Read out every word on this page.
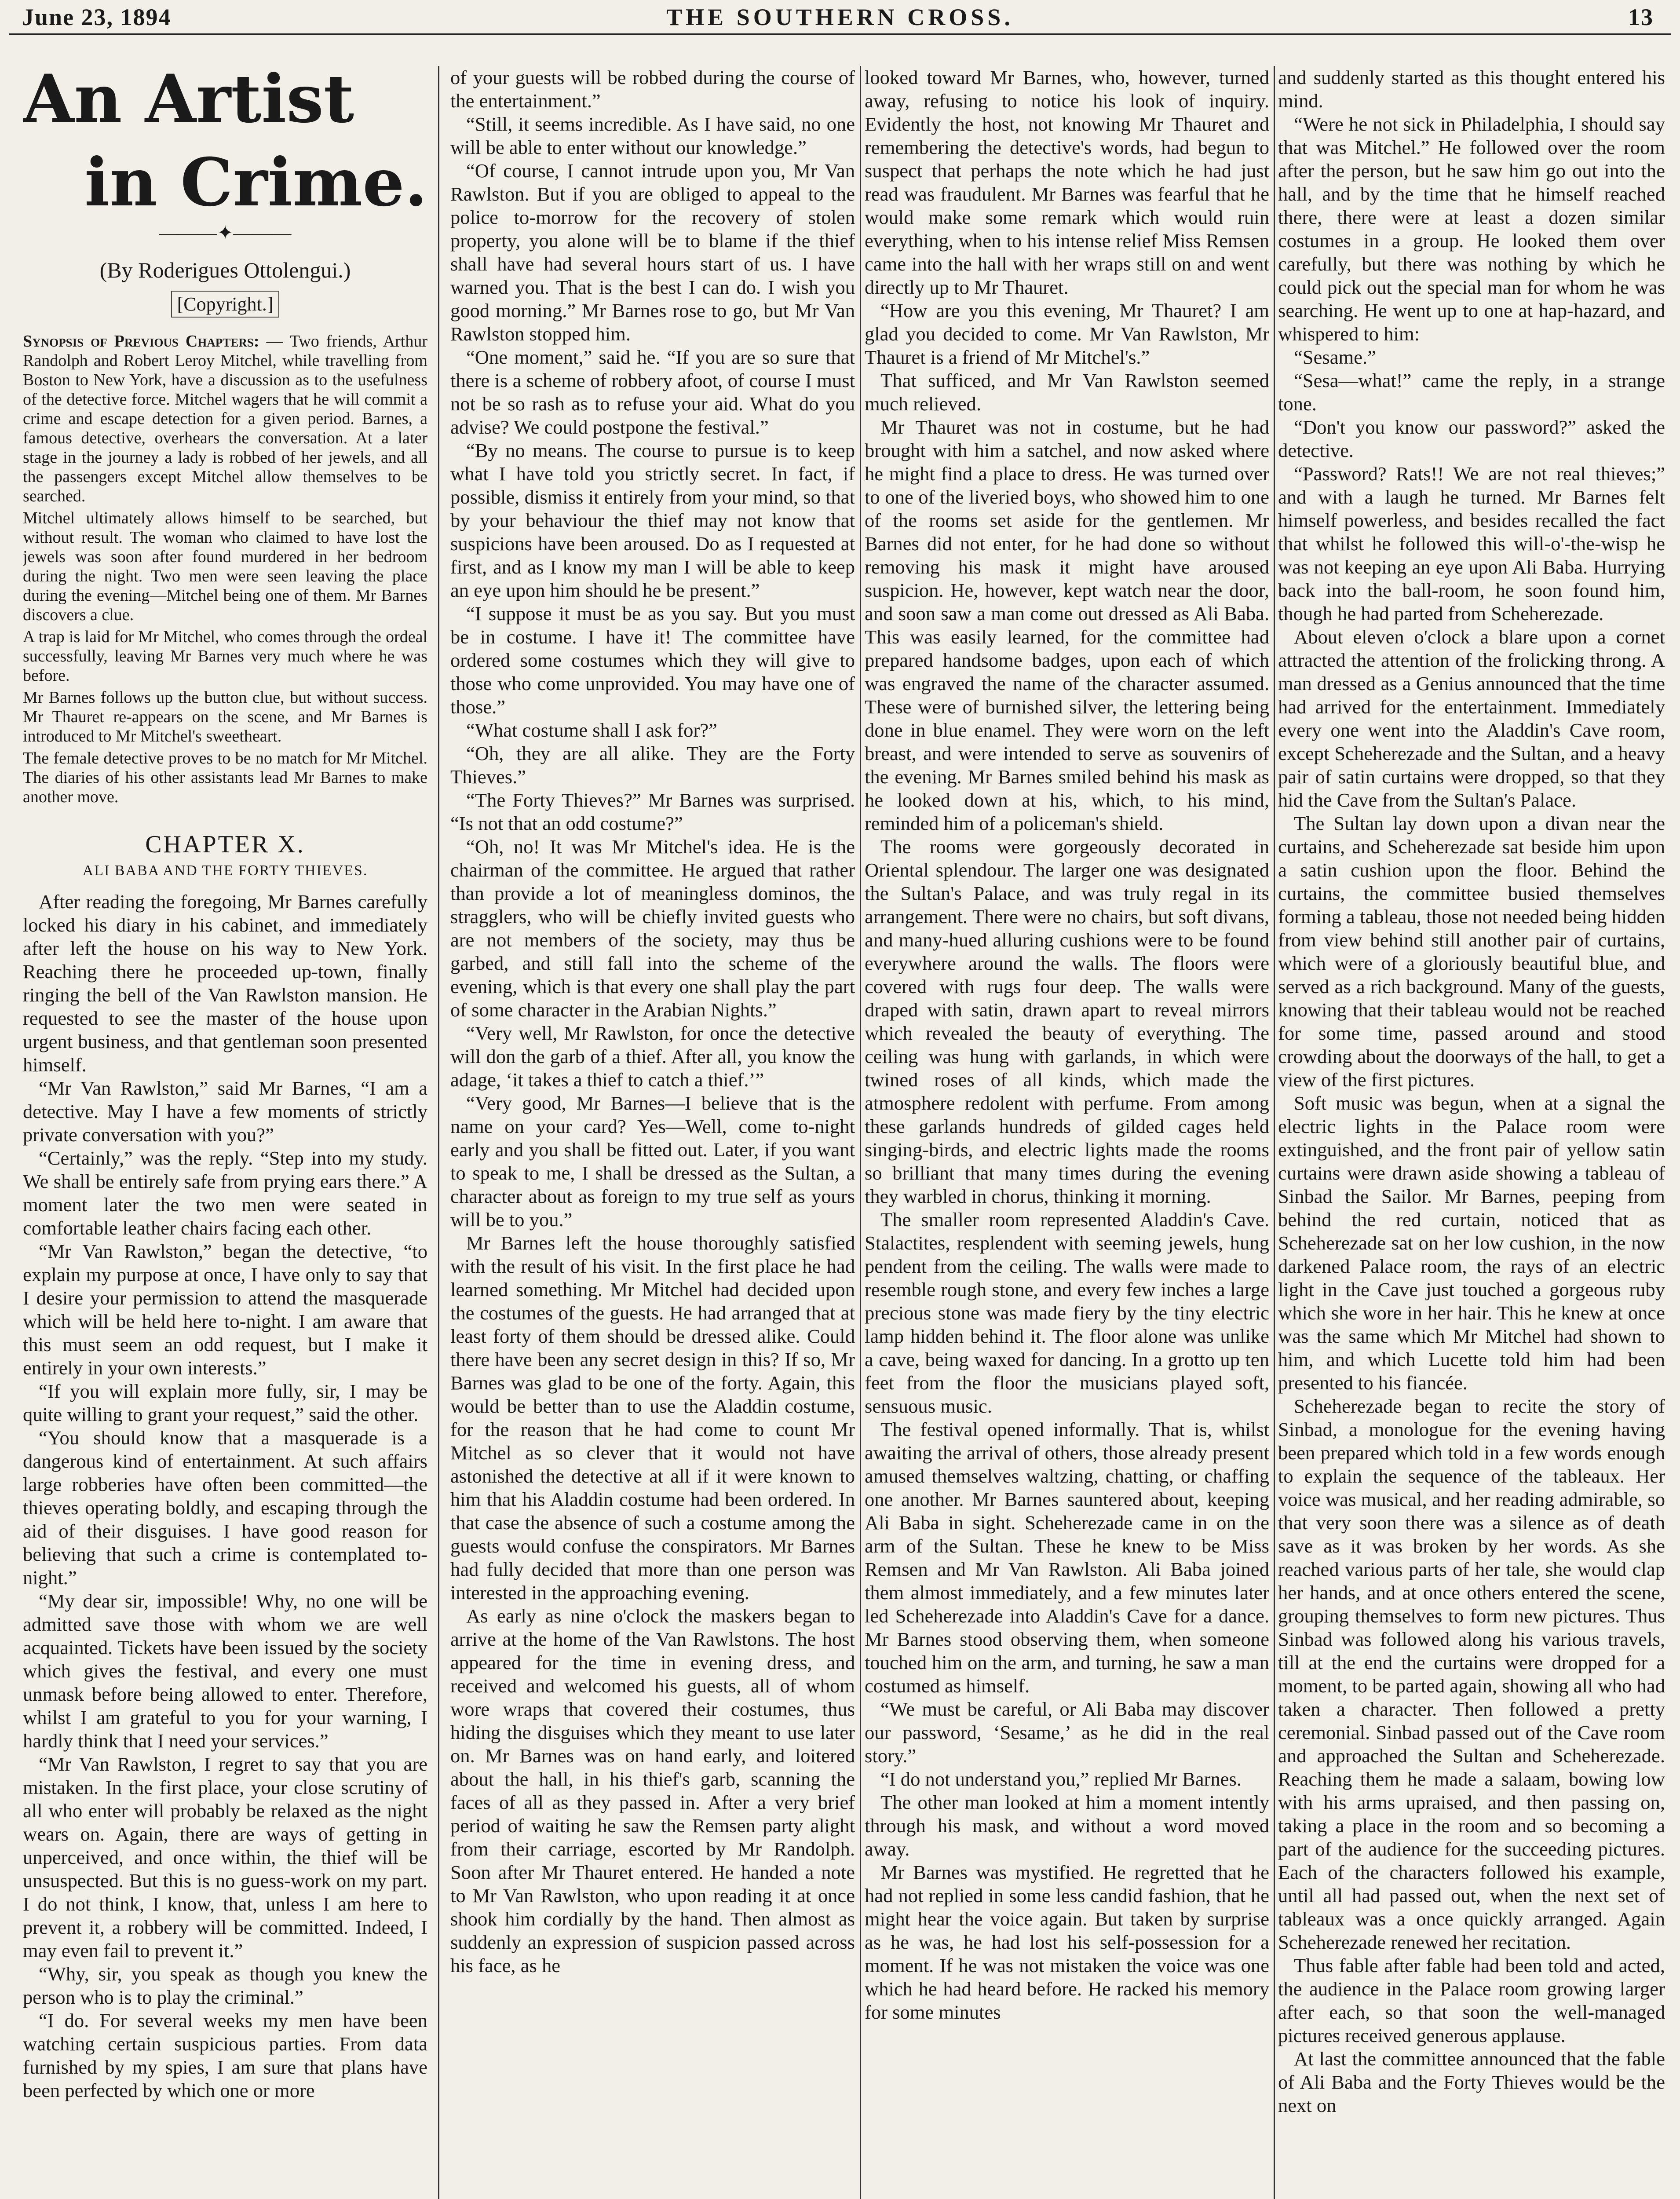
June 23, 1894	THE SOUTHERN CROSS.	13
An Artist
in Crime.
———✦———
(By Roderigues Ottolengui.)
[Copyright.]

Synopsis of Previous Chapters: — Two friends, Arthur Randolph and Robert Leroy Mitchel, while travelling from Boston to New York, have a discussion as to the usefulness of the detective force. Mitchel wagers that he will commit a crime and escape detection for a given period. Barnes, a famous detective, overhears the conversation. At a later stage in the journey a lady is robbed of her jewels, and all the passengers except Mitchel allow themselves to be searched.

Mitchel ultimately allows himself to be searched, but without result. The woman who claimed to have lost the jewels was soon after found murdered in her bedroom during the night. Two men were seen leaving the place during the evening—Mitchel being one of them. Mr Barnes discovers a clue.

A trap is laid for Mr Mitchel, who comes through the ordeal successfully, leaving Mr Barnes very much where he was before.

Mr Barnes follows up the button clue, but without success. Mr Thauret re-appears on the scene, and Mr Barnes is introduced to Mr Mitchel's sweetheart.

The female detective proves to be no match for Mr Mitchel. The diaries of his other assistants lead Mr Barnes to make another move.

CHAPTER X.
ALI BABA AND THE FORTY THIEVES.

After reading the foregoing, Mr Barnes carefully locked his diary in his cabinet, and immediately after left the house on his way to New York. Reaching there he proceeded up-town, finally ringing the bell of the Van Rawlston mansion. He requested to see the master of the house upon urgent business, and that gentleman soon presented himself.

“Mr Van Rawlston,” said Mr Barnes, “I am a detective. May I have a few moments of strictly private conversation with you?”

“Certainly,” was the reply. “Step into my study. We shall be entirely safe from prying ears there.” A moment later the two men were seated in comfortable leather chairs facing each other.

“Mr Van Rawlston,” began the detective, “to explain my purpose at once, I have only to say that I desire your permission to attend the masquerade which will be held here to-night. I am aware that this must seem an odd request, but I make it entirely in your own interests.”

“If you will explain more fully, sir, I may be quite willing to grant your request,” said the other.

“You should know that a masquerade is a dangerous kind of entertainment. At such affairs large robberies have often been committed—the thieves operating boldly, and escaping through the aid of their disguises. I have good reason for believing that such a crime is contemplated to-night.”

“My dear sir, impossible! Why, no one will be admitted save those with whom we are well acquainted. Tickets have been issued by the society which gives the festival, and every one must unmask before being allowed to enter. Therefore, whilst I am grateful to you for your warning, I hardly think that I need your services.”

“Mr Van Rawlston, I regret to say that you are mistaken. In the first place, your close scrutiny of all who enter will probably be relaxed as the night wears on. Again, there are ways of getting in unperceived, and once within, the thief will be unsuspected. But this is no guess-work on my part. I do not think, I know, that, unless I am here to prevent it, a robbery will be committed. Indeed, I may even fail to prevent it.”

“Why, sir, you speak as though you knew the person who is to play the criminal.”

“I do. For several weeks my men have been watching certain suspicious parties. From data furnished by my spies, I am sure that plans have been perfected by which one or more

of your guests will be robbed during the course of the entertainment.”

“Still, it seems incredible. As I have said, no one will be able to enter without our knowledge.”

“Of course, I cannot intrude upon you, Mr Van Rawlston. But if you are obliged to appeal to the police to-morrow for the recovery of stolen property, you alone will be to blame if the thief shall have had several hours start of us. I have warned you. That is the best I can do. I wish you good morning.” Mr Barnes rose to go, but Mr Van Rawlston stopped him.

“One moment,” said he. “If you are so sure that there is a scheme of robbery afoot, of course I must not be so rash as to refuse your aid. What do you advise? We could postpone the festival.”

“By no means. The course to pursue is to keep what I have told you strictly secret. In fact, if possible, dismiss it entirely from your mind, so that by your behaviour the thief may not know that suspicions have been aroused. Do as I requested at first, and as I know my man I will be able to keep an eye upon him should he be present.”

“I suppose it must be as you say. But you must be in costume. I have it! The committee have ordered some costumes which they will give to those who come unprovided. You may have one of those.”

“What costume shall I ask for?”

“Oh, they are all alike. They are the Forty Thieves.”

“The Forty Thieves?” Mr Barnes was surprised. “Is not that an odd costume?”

“Oh, no! It was Mr Mitchel's idea. He is the chairman of the committee. He argued that rather than provide a lot of meaningless dominos, the stragglers, who will be chiefly invited guests who are not members of the society, may thus be garbed, and still fall into the scheme of the evening, which is that every one shall play the part of some character in the Arabian Nights.”

“Very well, Mr Rawlston, for once the detective will don the garb of a thief. After all, you know the adage, ‘it takes a thief to catch a thief.’”

“Very good, Mr Barnes—I believe that is the name on your card? Yes—Well, come to-night early and you shall be fitted out. Later, if you want to speak to me, I shall be dressed as the Sultan, a character about as foreign to my true self as yours will be to you.”

Mr Barnes left the house thoroughly satisfied with the result of his visit. In the first place he had learned something. Mr Mitchel had decided upon the costumes of the guests. He had arranged that at least forty of them should be dressed alike. Could there have been any secret design in this? If so, Mr Barnes was glad to be one of the forty. Again, this would be better than to use the Aladdin costume, for the reason that he had come to count Mr Mitchel as so clever that it would not have astonished the detective at all if it were known to him that his Aladdin costume had been ordered. In that case the absence of such a costume among the guests would confuse the conspirators. Mr Barnes had fully decided that more than one person was interested in the approaching evening.

As early as nine o'clock the maskers began to arrive at the home of the Van Rawlstons. The host appeared for the time in evening dress, and received and welcomed his guests, all of whom wore wraps that covered their costumes, thus hiding the disguises which they meant to use later on. Mr Barnes was on hand early, and loitered about the hall, in his thief's garb, scanning the faces of all as they passed in. After a very brief period of waiting he saw the Remsen party alight from their carriage, escorted by Mr Randolph. Soon after Mr Thauret entered. He handed a note to Mr Van Rawlston, who upon reading it at once shook him cordially by the hand. Then almost as suddenly an expression of suspicion passed across his face, as he

looked toward Mr Barnes, who, however, turned away, refusing to notice his look of inquiry. Evidently the host, not knowing Mr Thauret and remembering the detective's words, had begun to suspect that perhaps the note which he had just read was fraudulent. Mr Barnes was fearful that he would make some remark which would ruin everything, when to his intense relief Miss Remsen came into the hall with her wraps still on and went directly up to Mr Thauret.

“How are you this evening, Mr Thauret? I am glad you decided to come. Mr Van Rawlston, Mr Thauret is a friend of Mr Mitchel's.”

That sufficed, and Mr Van Rawlston seemed much relieved.

Mr Thauret was not in costume, but he had brought with him a satchel, and now asked where he might find a place to dress. He was turned over to one of the liveried boys, who showed him to one of the rooms set aside for the gentlemen. Mr Barnes did not enter, for he had done so without removing his mask it might have aroused suspicion. He, however, kept watch near the door, and soon saw a man come out dressed as Ali Baba. This was easily learned, for the committee had prepared handsome badges, upon each of which was engraved the name of the character assumed. These were of burnished silver, the lettering being done in blue enamel. They were worn on the left breast, and were intended to serve as souvenirs of the evening. Mr Barnes smiled behind his mask as he looked down at his, which, to his mind, reminded him of a policeman's shield.

The rooms were gorgeously decorated in Oriental splendour. The larger one was designated the Sultan's Palace, and was truly regal in its arrangement. There were no chairs, but soft divans, and many-hued alluring cushions were to be found everywhere around the walls. The floors were covered with rugs four deep. The walls were draped with satin, drawn apart to reveal mirrors which revealed the beauty of everything. The ceiling was hung with garlands, in which were twined roses of all kinds, which made the atmosphere redolent with perfume. From among these garlands hundreds of gilded cages held singing-birds, and electric lights made the rooms so brilliant that many times during the evening they warbled in chorus, thinking it morning.

The smaller room represented Aladdin's Cave. Stalactites, resplendent with seeming jewels, hung pendent from the ceiling. The walls were made to resemble rough stone, and every few inches a large precious stone was made fiery by the tiny electric lamp hidden behind it. The floor alone was unlike a cave, being waxed for dancing. In a grotto up ten feet from the floor the musicians played soft, sensuous music.

The festival opened informally. That is, whilst awaiting the arrival of others, those already present amused themselves waltzing, chatting, or chaffing one another. Mr Barnes sauntered about, keeping Ali Baba in sight. Scheherezade came in on the arm of the Sultan. These he knew to be Miss Remsen and Mr Van Rawlston. Ali Baba joined them almost immediately, and a few minutes later led Scheherezade into Aladdin's Cave for a dance. Mr Barnes stood observing them, when someone touched him on the arm, and turning, he saw a man costumed as himself.

“We must be careful, or Ali Baba may discover our password, ‘Sesame,’ as he did in the real story.”

“I do not understand you,” replied Mr Barnes.

The other man looked at him a moment intently through his mask, and without a word moved away.

Mr Barnes was mystified. He regretted that he had not replied in some less candid fashion, that he might hear the voice again. But taken by surprise as he was, he had lost his self-possession for a moment. If he was not mistaken the voice was one which he had heard before. He racked his memory for some minutes

and suddenly started as this thought entered his mind.

“Were he not sick in Philadelphia, I should say that was Mitchel.” He followed over the room after the person, but he saw him go out into the hall, and by the time that he himself reached there, there were at least a dozen similar costumes in a group. He looked them over carefully, but there was nothing by which he could pick out the special man for whom he was searching. He went up to one at hap-hazard, and whispered to him:

“Sesame.”

“Sesa—what!” came the reply, in a strange tone.

“Don't you know our password?” asked the detective.

“Password? Rats!! We are not real thieves;” and with a laugh he turned. Mr Barnes felt himself powerless, and besides recalled the fact that whilst he followed this will-o'-the-wisp he was not keeping an eye upon Ali Baba. Hurrying back into the ball-room, he soon found him, though he had parted from Scheherezade.

About eleven o'clock a blare upon a cornet attracted the attention of the frolicking throng. A man dressed as a Genius announced that the time had arrived for the entertainment. Immediately every one went into the Aladdin's Cave room, except Scheherezade and the Sultan, and a heavy pair of satin curtains were dropped, so that they hid the Cave from the Sultan's Palace.

The Sultan lay down upon a divan near the curtains, and Scheherezade sat beside him upon a satin cushion upon the floor. Behind the curtains, the committee busied themselves forming a tableau, those not needed being hidden from view behind still another pair of curtains, which were of a gloriously beautiful blue, and served as a rich background. Many of the guests, knowing that their tableau would not be reached for some time, passed around and stood crowding about the doorways of the hall, to get a view of the first pictures.

Soft music was begun, when at a signal the electric lights in the Palace room were extinguished, and the front pair of yellow satin curtains were drawn aside showing a tableau of Sinbad the Sailor. Mr Barnes, peeping from behind the red curtain, noticed that as Scheherezade sat on her low cushion, in the now darkened Palace room, the rays of an electric light in the Cave just touched a gorgeous ruby which she wore in her hair. This he knew at once was the same which Mr Mitchel had shown to him, and which Lucette told him had been presented to his fiancée.

Scheherezade began to recite the story of Sinbad, a monologue for the evening having been prepared which told in a few words enough to explain the sequence of the tableaux. Her voice was musical, and her reading admirable, so that very soon there was a silence as of death save as it was broken by her words. As she reached various parts of her tale, she would clap her hands, and at once others entered the scene, grouping themselves to form new pictures. Thus Sinbad was followed along his various travels, till at the end the curtains were dropped for a moment, to be parted again, showing all who had taken a character. Then followed a pretty ceremonial. Sinbad passed out of the Cave room and approached the Sultan and Scheherezade. Reaching them he made a salaam, bowing low with his arms upraised, and then passing on, taking a place in the room and so becoming a part of the audience for the succeeding pictures. Each of the characters followed his example, until all had passed out, when the next set of tableaux was a once quickly arranged. Again Scheherezade renewed her recitation.

Thus fable after fable had been told and acted, the audience in the Palace room growing larger after each, so that soon the well-managed pictures received generous applause.

At last the committee announced that the fable of Ali Baba and the Forty Thieves would be the next on
